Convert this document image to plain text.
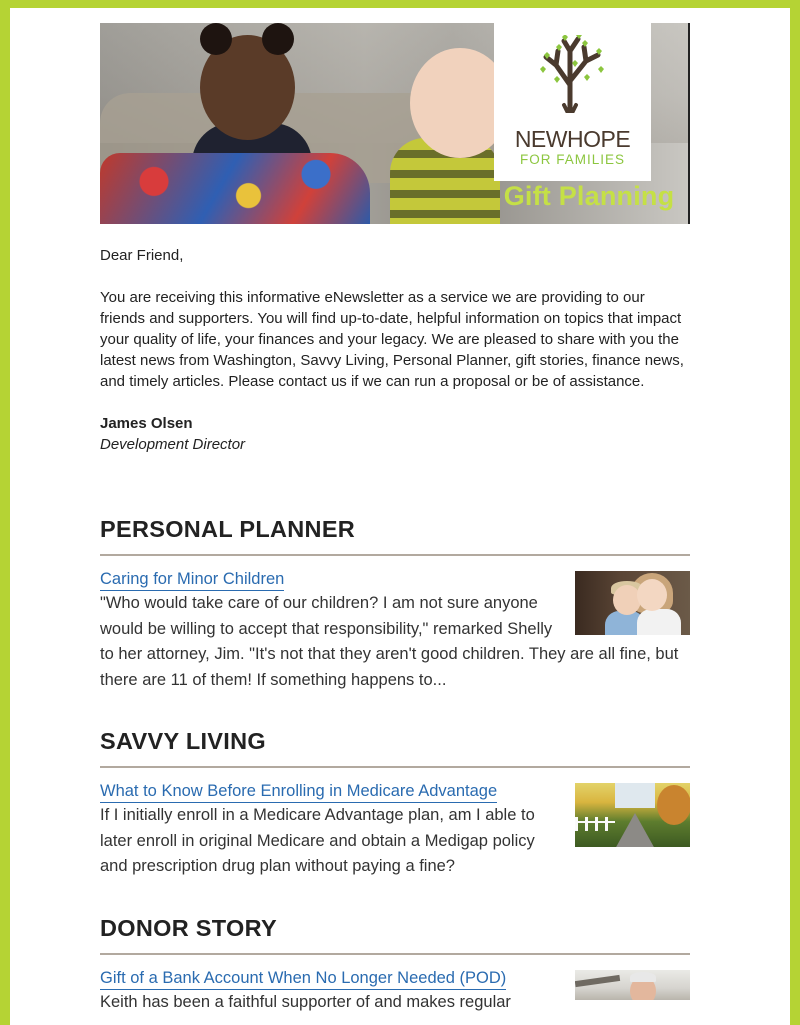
NEWHOPE
FOR FAMILIES
Gift Planning
Dear Friend,
You are receiving this informative eNewsletter as a service we are providing to our friends and supporters. You will find up-to-date, helpful information on topics that impact your quality of life, your finances and your legacy. We are pleased to share with you the latest news from Washington, Savvy Living, Personal Planner, gift stories, finance news, and timely articles. Please contact us if we can run a proposal or be of assistance.
James Olsen
Development Director
PERSONAL PLANNER
Caring for Minor Children
"Who would take care of our children? I am not sure anyone would be willing to accept that responsibility," remarked Shelly to her attorney, Jim. "It's not that they aren't good children. They are all fine, but there are 11 of them! If something happens to...
SAVVY LIVING
What to Know Before Enrolling in Medicare Advantage
If I initially enroll in a Medicare Advantage plan, am I able to later enroll in original Medicare and obtain a Medigap policy and prescription drug plan without paying a fine?
DONOR STORY
Gift of a Bank Account When No Longer Needed (POD)
Keith has been a faithful supporter of and makes regular
